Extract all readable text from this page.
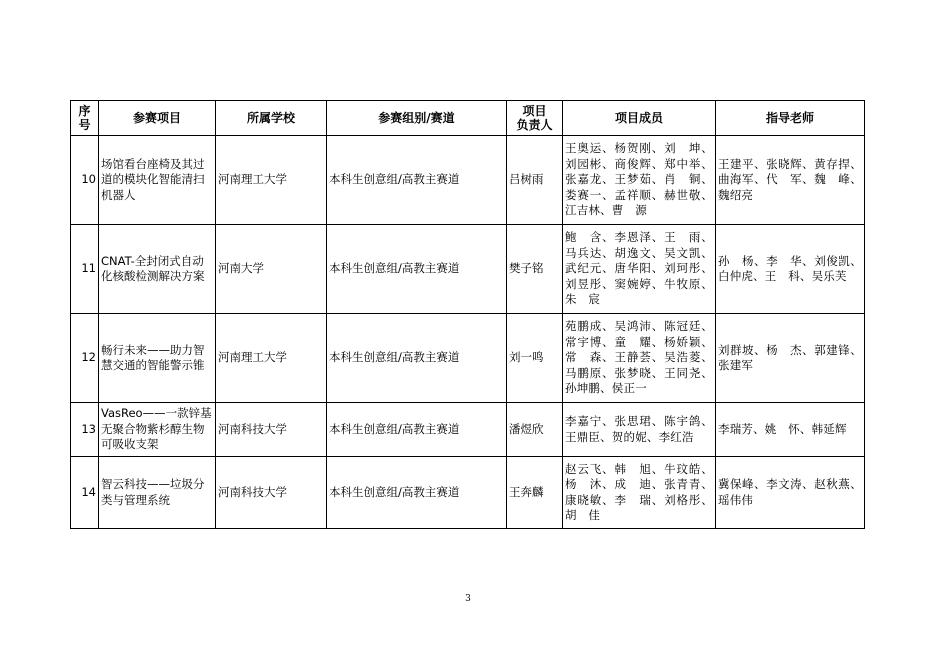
序号	参赛项目	所属学校	参赛组别/赛道	项目
负责人	项目成员	指导老师
10	场馆看台座椅及其过道的模块化智能清扫机器人	河南理工大学	本科生创意组/高教主赛道	吕树雨	王奥运、杨贺刚、刘　坤、刘园彬、商俊辉、郑中举、张嘉龙、王梦茹、肖　铜、娄赛一、孟祥顺、赫世敬、江吉林、曹　源	王建平、张晓辉、黄存捍、曲海军、代　军、魏　峰、魏绍亮
11	CNAT-全封闭式自动化核酸检测解决方案	河南大学	本科生创意组/高教主赛道	樊子铭	鲍　含、李恩泽、王　雨、马兵达、胡逸文、吴文凯、武纪元、唐华阳、刘珂彤、刘昱彤、窦婉婷、牛牧原、朱　宸	孙　杨、李　华、刘俊凯、白仲虎、王　科、吴乐芙
12	畅行未来——助力智慧交通的智能警示锥	河南理工大学	本科生创意组/高教主赛道	刘一鸣	苑鹏成、吴鸿沛、陈冠廷、常宇博、童　耀、杨娇颖、常　森、王静荟、吴浩菱、马鹏原、张梦晓、王同尧、孙坤鹏、侯正一	刘群坡、杨　杰、郭建锋、张建军
13	VasReo——一款锌基无聚合物紫杉醇生物可吸收支架	河南科技大学	本科生创意组/高教主赛道	潘煜欣	李嘉宁、张思珺、陈宇鸽、王鼎臣、贺的妮、李红浩	李瑞芳、姚　怀、韩延辉
14	智云科技——垃圾分类与管理系统	河南科技大学	本科生创意组/高教主赛道	王奔麟	赵云飞、韩　旭、牛玟皓、杨　沐、成　迪、张青青、康晓敏、李　瑞、刘格彤、胡　佳	冀保峰、李文涛、赵秋燕、瑶伟伟
3
